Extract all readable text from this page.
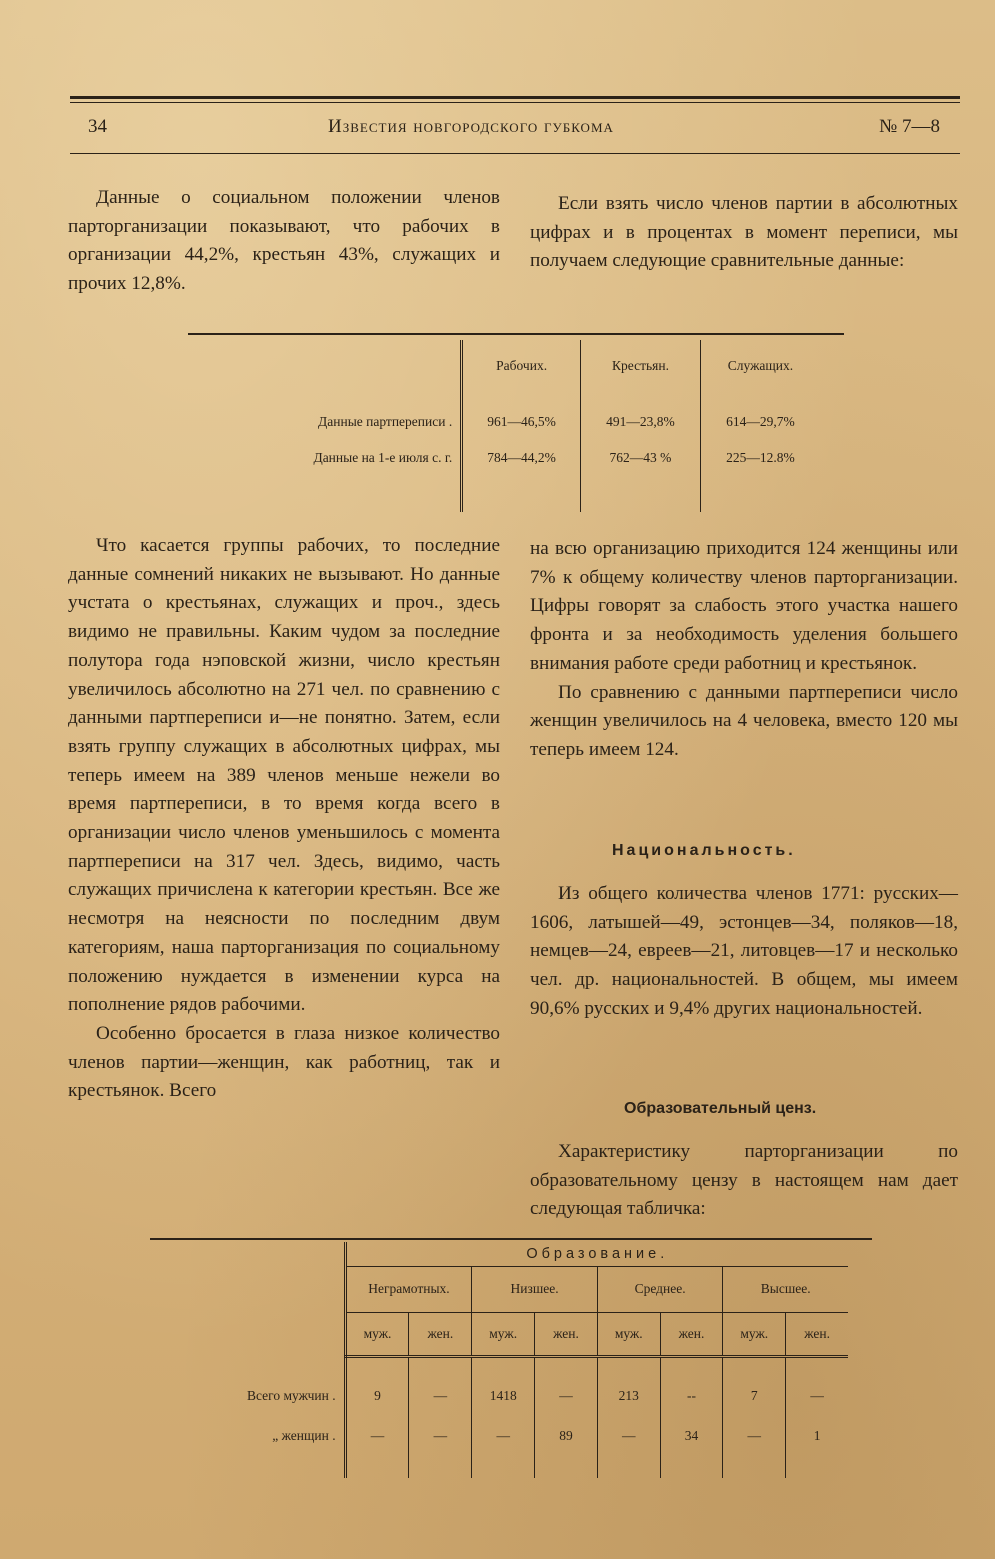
34	Известия новгородского губкома	№ 7—8

Данные о социальном положении членов парторганизации показывают, что рабочих в организации 44,2%, крестьян 43%, служащих и прочих 12,8%.

Если взять число членов партии в абсолютных цифрах и в процентах в момент переписи, мы получаем следующие сравнительные данные:

	Рабочих.	Крестьян.	Служащих.

Данные партпереписи .	961—46,5%	491—23,8%	614—29,7%
Данные на 1-е июля с. г.	784—44,2%	762—43 %	225—12.8%

Что касается группы рабочих, то последние данные сомнений никаких не вызывают. Но данные учстата о крестьянах, служащих и проч., здесь видимо не правильны. Каким чудом за последние полутора года нэповской жизни, число крестьян увеличилось абсолютно на 271 чел. по сравнению с данными партпереписи и—не понятно. Затем, если взять группу служащих в абсолютных цифрах, мы теперь имеем на 389 членов меньше нежели во время партпереписи, в то время когда всего в организации число членов уменьшилось с момента партпереписи на 317 чел. Здесь, видимо, часть служащих причислена к категории крестьян. Все же несмотря на неясности по последним двум категориям, наша парторганизация по социальному положению нуждается в изменении курса на пополнение рядов рабочими.

Особенно бросается в глаза низкое количество членов партии—женщин, как работниц, так и крестьянок. Всего

на всю организацию приходится 124 женщины или 7% к общему количеству членов парторганизации. Цифры говорят за слабость этого участка нашего фронта и за необходимость уделения большего внимания работе среди работниц и крестьянок.

По сравнению с данными партпереписи число женщин увеличилось на 4 человека, вместо 120 мы теперь имеем 124.

Национальность.

Из общего количества членов 1771: русских—1606, латышей—49, эстонцев—34, поляков—18, немцев—24, евреев—21, литовцев—17 и несколько чел. др. национальностей. В общем, мы имеем 90,6% русских и 9,4% других национальностей.

Образовательный ценз.

Характеристику парторганизации по образовательному цензу в настоящем нам дает следующая табличка:

	Образование.							
	Неграмотных.		Низшее.		Среднее.		Высшее.	
	муж.	жен.	муж.	жен.	муж.	жен.	муж.	жен.

Всего мужчин .	9	—	1418	—	213	--	7	—
„ женщин .	—	—	—	89	—	34	—	1
